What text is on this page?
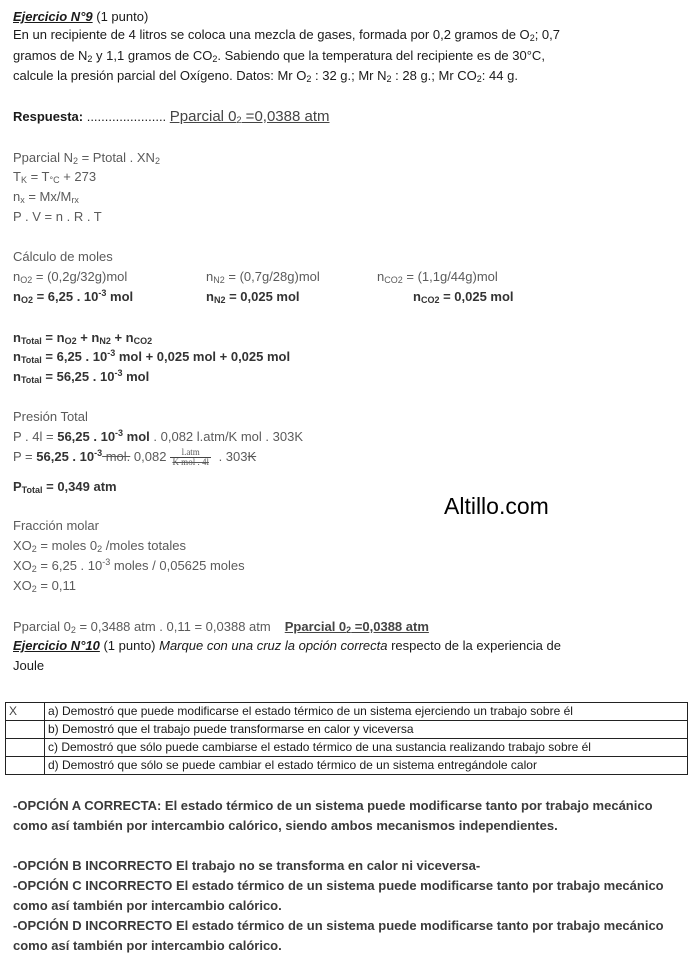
Ejercicio N°9 (1 punto)
En un recipiente de 4 litros se coloca una mezcla de gases, formada por 0,2 gramos de $O_2$; 0,7
gramos de $N_2$ y 1,1 gramos de $CO_2$. Sabiendo que la temperatura del recipiente es de 30°C,
calcule la presión parcial del Oxígeno. Datos: Mr $O_2$ : 32 g.; Mr $N_2$ : 28 g.; Mr $CO_2$: 44 g.
Respuesta: ...................... Pparcial $0_2 =0,0388$ atm
Pparcial $N_2$ = Ptotal . $XN_2$
$T_K = T_{^\circ C} + 273$
$n_x = Mx/M_{rx}$
P . V = n . R . T
Cálculo de moles
$n_{O2} = (0,2g/32g)mol$	$n_{N2} = (0,7g/28g)mol$	$n_{CO2} = (1,1g/44g)mol$
$n_{O2} = 6,25$ . $10^{-3}$ mol	$n_{N2} = 0,025$ mol	$n_{CO2} = 0,025$ mol
$n_{Total} = n_{O2} + n_{N2} + n_{CO2}$
$n_{Total} = 6,25$ . $10^{-3}$ mol + 0,025 mol + 0,025 mol
$n_{Total} = 56,25$ . $10^{-3}$ mol
Presión Total
P . 4l = 56,25 . $10^{-3}$ mol . 0,082 l.atm/K mol . 303K
P = 56,25 . $10^{-3}$ mol. $0,082 \frac{\text{l.atm}}{\text{K mol . 4l}}$ . 303K
$P_{Total} = 0,349$ atm
Altillo.com
Fracción molar
$XO_2$ = moles $0_2$ /moles totales
$XO_2 = 6,25$ . $10^{-3}$ moles / 0,05625 moles
$XO_2 = 0,11$
Pparcial $0_2 = 0,3488$ atm . 0,11 = 0,0388 atm Pparcial $0_2 =0,0388$ atm
Ejercicio N°10 (1 punto) Marque con una cruz la opción correcta respecto de la experiencia de
Joule
X	a) Demostró que puede modificarse el estado térmico de un sistema ejerciendo un trabajo sobre él
	b) Demostró que el trabajo puede transformarse en calor y viceversa
	c) Demostró que sólo puede cambiarse el estado térmico de una sustancia realizando trabajo sobre él
	d) Demostró que sólo se puede cambiar el estado térmico de un sistema entregándole calor
-OPCIÓN A CORRECTA: El estado térmico de un sistema puede modificarse tanto por trabajo mecánico como así también por intercambio calórico, siendo ambos mecanismos independientes.
-OPCIÓN B INCORRECTO El trabajo no se transforma en calor ni viceversa-
-OPCIÓN C INCORRECTO El estado térmico de un sistema puede modificarse tanto por trabajo mecánico como así también por intercambio calórico.
-OPCIÓN D INCORRECTO El estado térmico de un sistema puede modificarse tanto por trabajo mecánico como así también por intercambio calórico.
